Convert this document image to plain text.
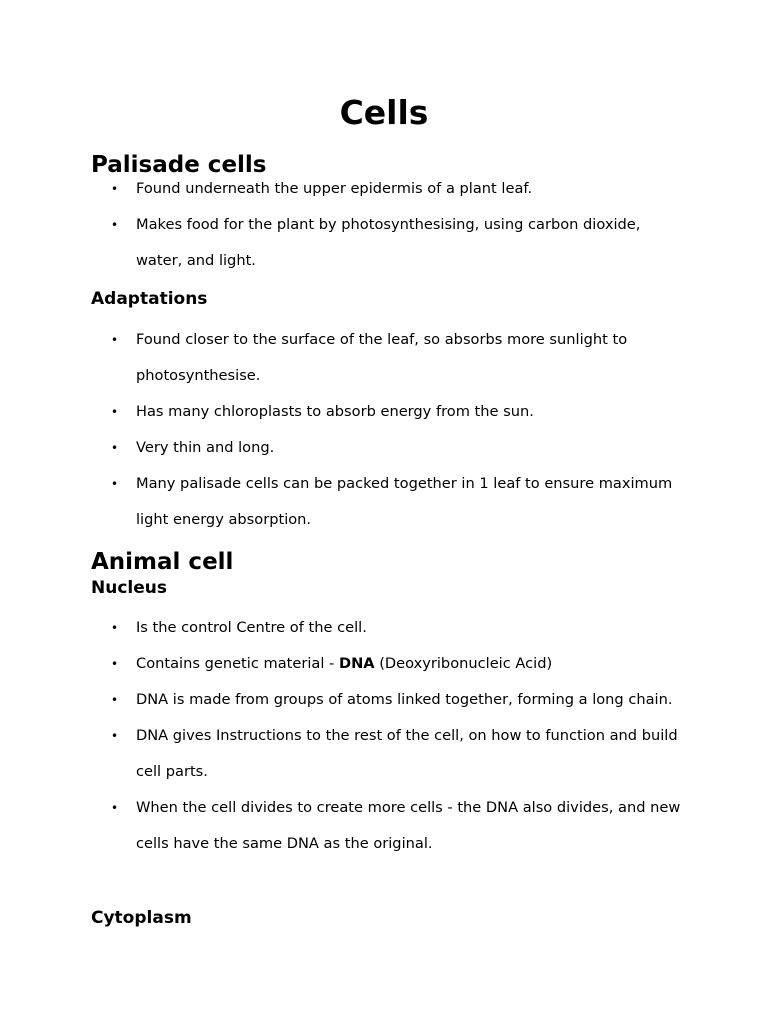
Cells
Palisade cells
• Found underneath the upper epidermis of a plant leaf.
• Makes food for the plant by photosynthesising, using carbon dioxide, water, and light.
Adaptations
• Found closer to the surface of the leaf, so absorbs more sunlight to photosynthesise.
• Has many chloroplasts to absorb energy from the sun.
• Very thin and long.
• Many palisade cells can be packed together in 1 leaf to ensure maximum light energy absorption.
Animal cell
Nucleus
• Is the control Centre of the cell.
• Contains genetic material - DNA (Deoxyribonucleic Acid)
• DNA is made from groups of atoms linked together, forming a long chain.
• DNA gives Instructions to the rest of the cell, on how to function and build cell parts.
• When the cell divides to create more cells - the DNA also divides, and new cells have the same DNA as the original.
Cytoplasm
